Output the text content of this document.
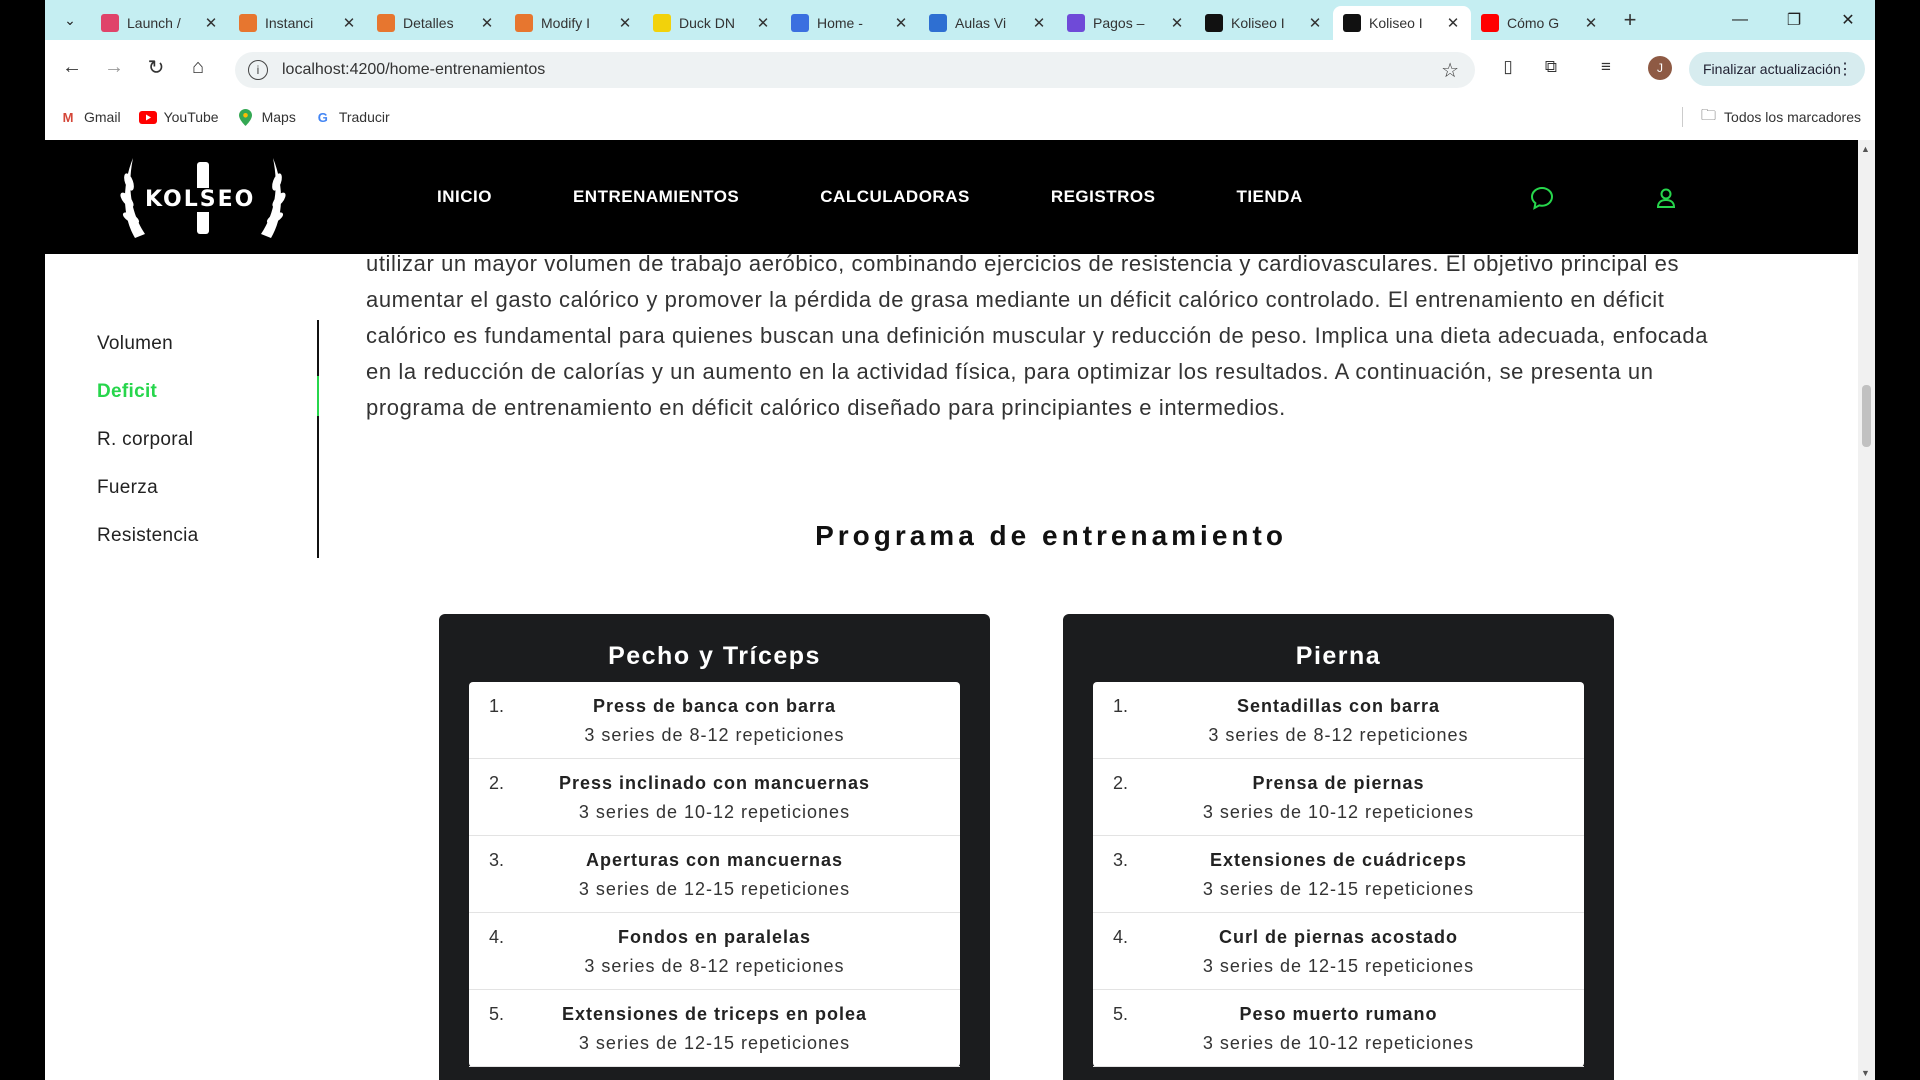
⌄	Launch /	✕	Instanci	✕	Detalles	✕	Modify I	✕	Duck DN	✕	Home -	✕	Aulas Vi	✕	Pagos –	✕	Koliseo I	✕	Koliseo I	✕	Cómo G	✕	+	—	❐	✕
← →	↻	⌂	i	localhost:4200/home-entrenamientos	☆	▯	⧉	≡	J	Finalizar actualización
⋮
M Gmail	YouTube	Maps	G Traducir	🗀 Todos los marcadores
KOLSEO	INICIO	ENTRENAMIENTOS	CALCULADORAS	REGISTROS	TIENDA
Volumen
Deficit
R. corporal
Fuerza
Resistencia

utilizar un mayor volumen de trabajo aeróbico, combinando ejercicios de resistencia y cardiovasculares. El objetivo principal es aumentar el gasto calórico y promover la pérdida de grasa mediante un déficit calórico controlado. El entrenamiento en déficit calórico es fundamental para quienes buscan una definición muscular y reducción de peso. Implica una dieta adecuada, enfocada en la reducción de calorías y un aumento en la actividad física, para optimizar los resultados. A continuación, se presenta un programa de entrenamiento en déficit calórico diseñado para principiantes e intermedios.

Programa de entrenamiento
Pecho y Tríceps
1.	Press de banca con barra
3 series de 8-12 repeticiones
2.	Press inclinado con mancuernas
3 series de 10-12 repeticiones
3.	Aperturas con mancuernas
3 series de 12-15 repeticiones
4.	Fondos en paralelas
3 series de 8-12 repeticiones
5.	Extensiones de triceps en polea
3 series de 12-15 repeticiones
Pierna
1.	Sentadillas con barra
3 series de 8-12 repeticiones
2.	Prensa de piernas
3 series de 10-12 repeticiones
3.	Extensiones de cuádriceps
3 series de 12-15 repeticiones
4.	Curl de piernas acostado
3 series de 12-15 repeticiones
5.	Peso muerto rumano
3 series de 10-12 repeticiones
▲
▼
